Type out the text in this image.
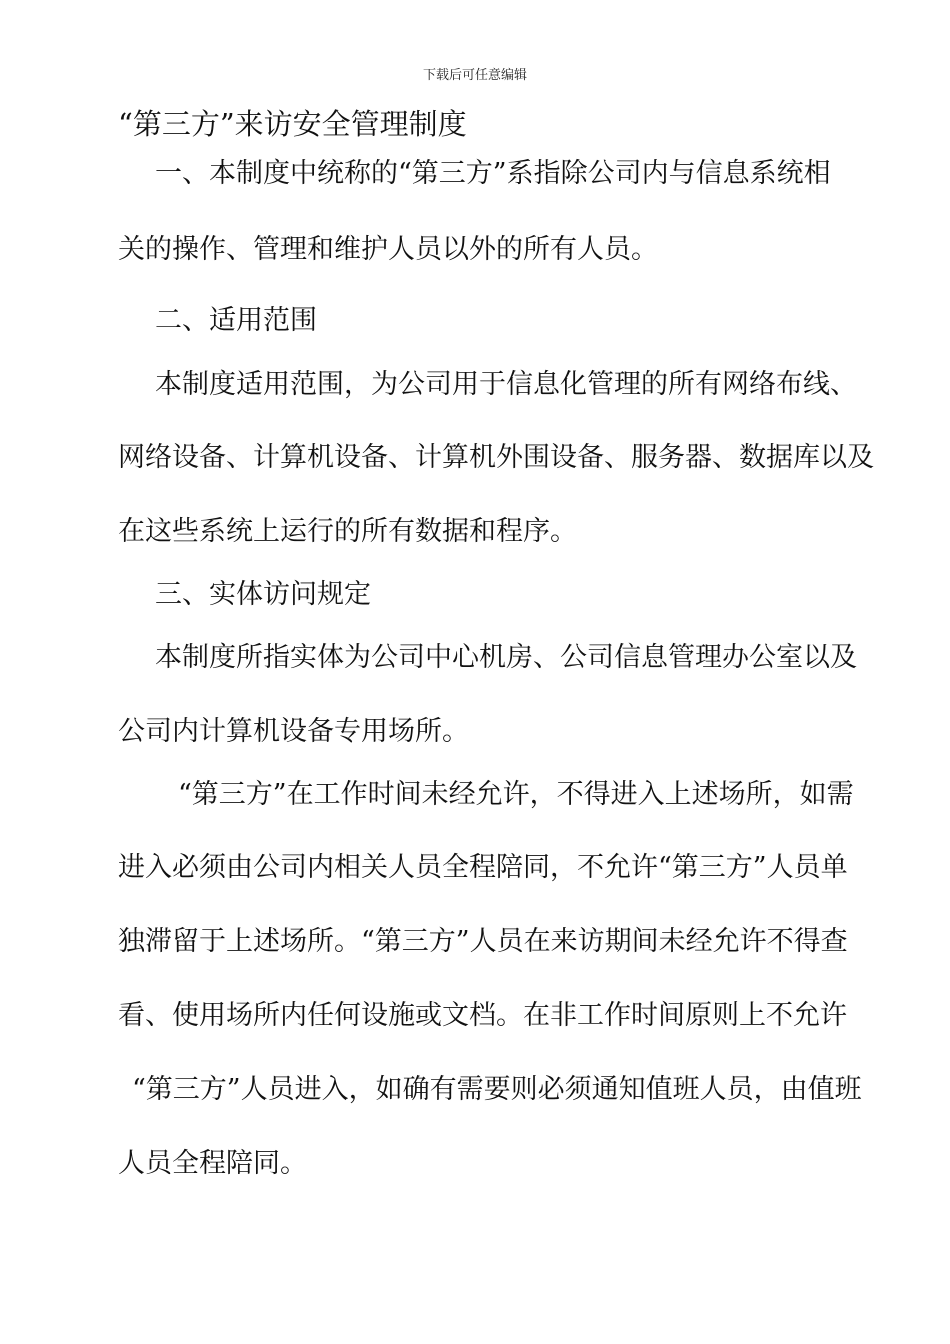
下载后可任意编辑
“第三方”来访安全管理制度
一、本制度中统称的“第三方”系指除公司内与信息系统相
关的操作、管理和维护人员以外的所有人员。
二、适用范围
本制度适用范围，为公司用于信息化管理的所有网络布线、
网络设备、计算机设备、计算机外围设备、服务器、数据库以及
在这些系统上运行的所有数据和程序。
三、实体访问规定
本制度所指实体为公司中心机房、公司信息管理办公室以及
公司内计算机设备专用场所。
“第三方”在工作时间未经允许，不得进入上述场所，如需
进入必须由公司内相关人员全程陪同，不允许“第三方”人员单
独滞留于上述场所。“第三方”人员在来访期间未经允许不得查
看、使用场所内任何设施或文档。在非工作时间原则上不允许
“第三方”人员进入，如确有需要则必须通知值班人员，由值班
人员全程陪同。
